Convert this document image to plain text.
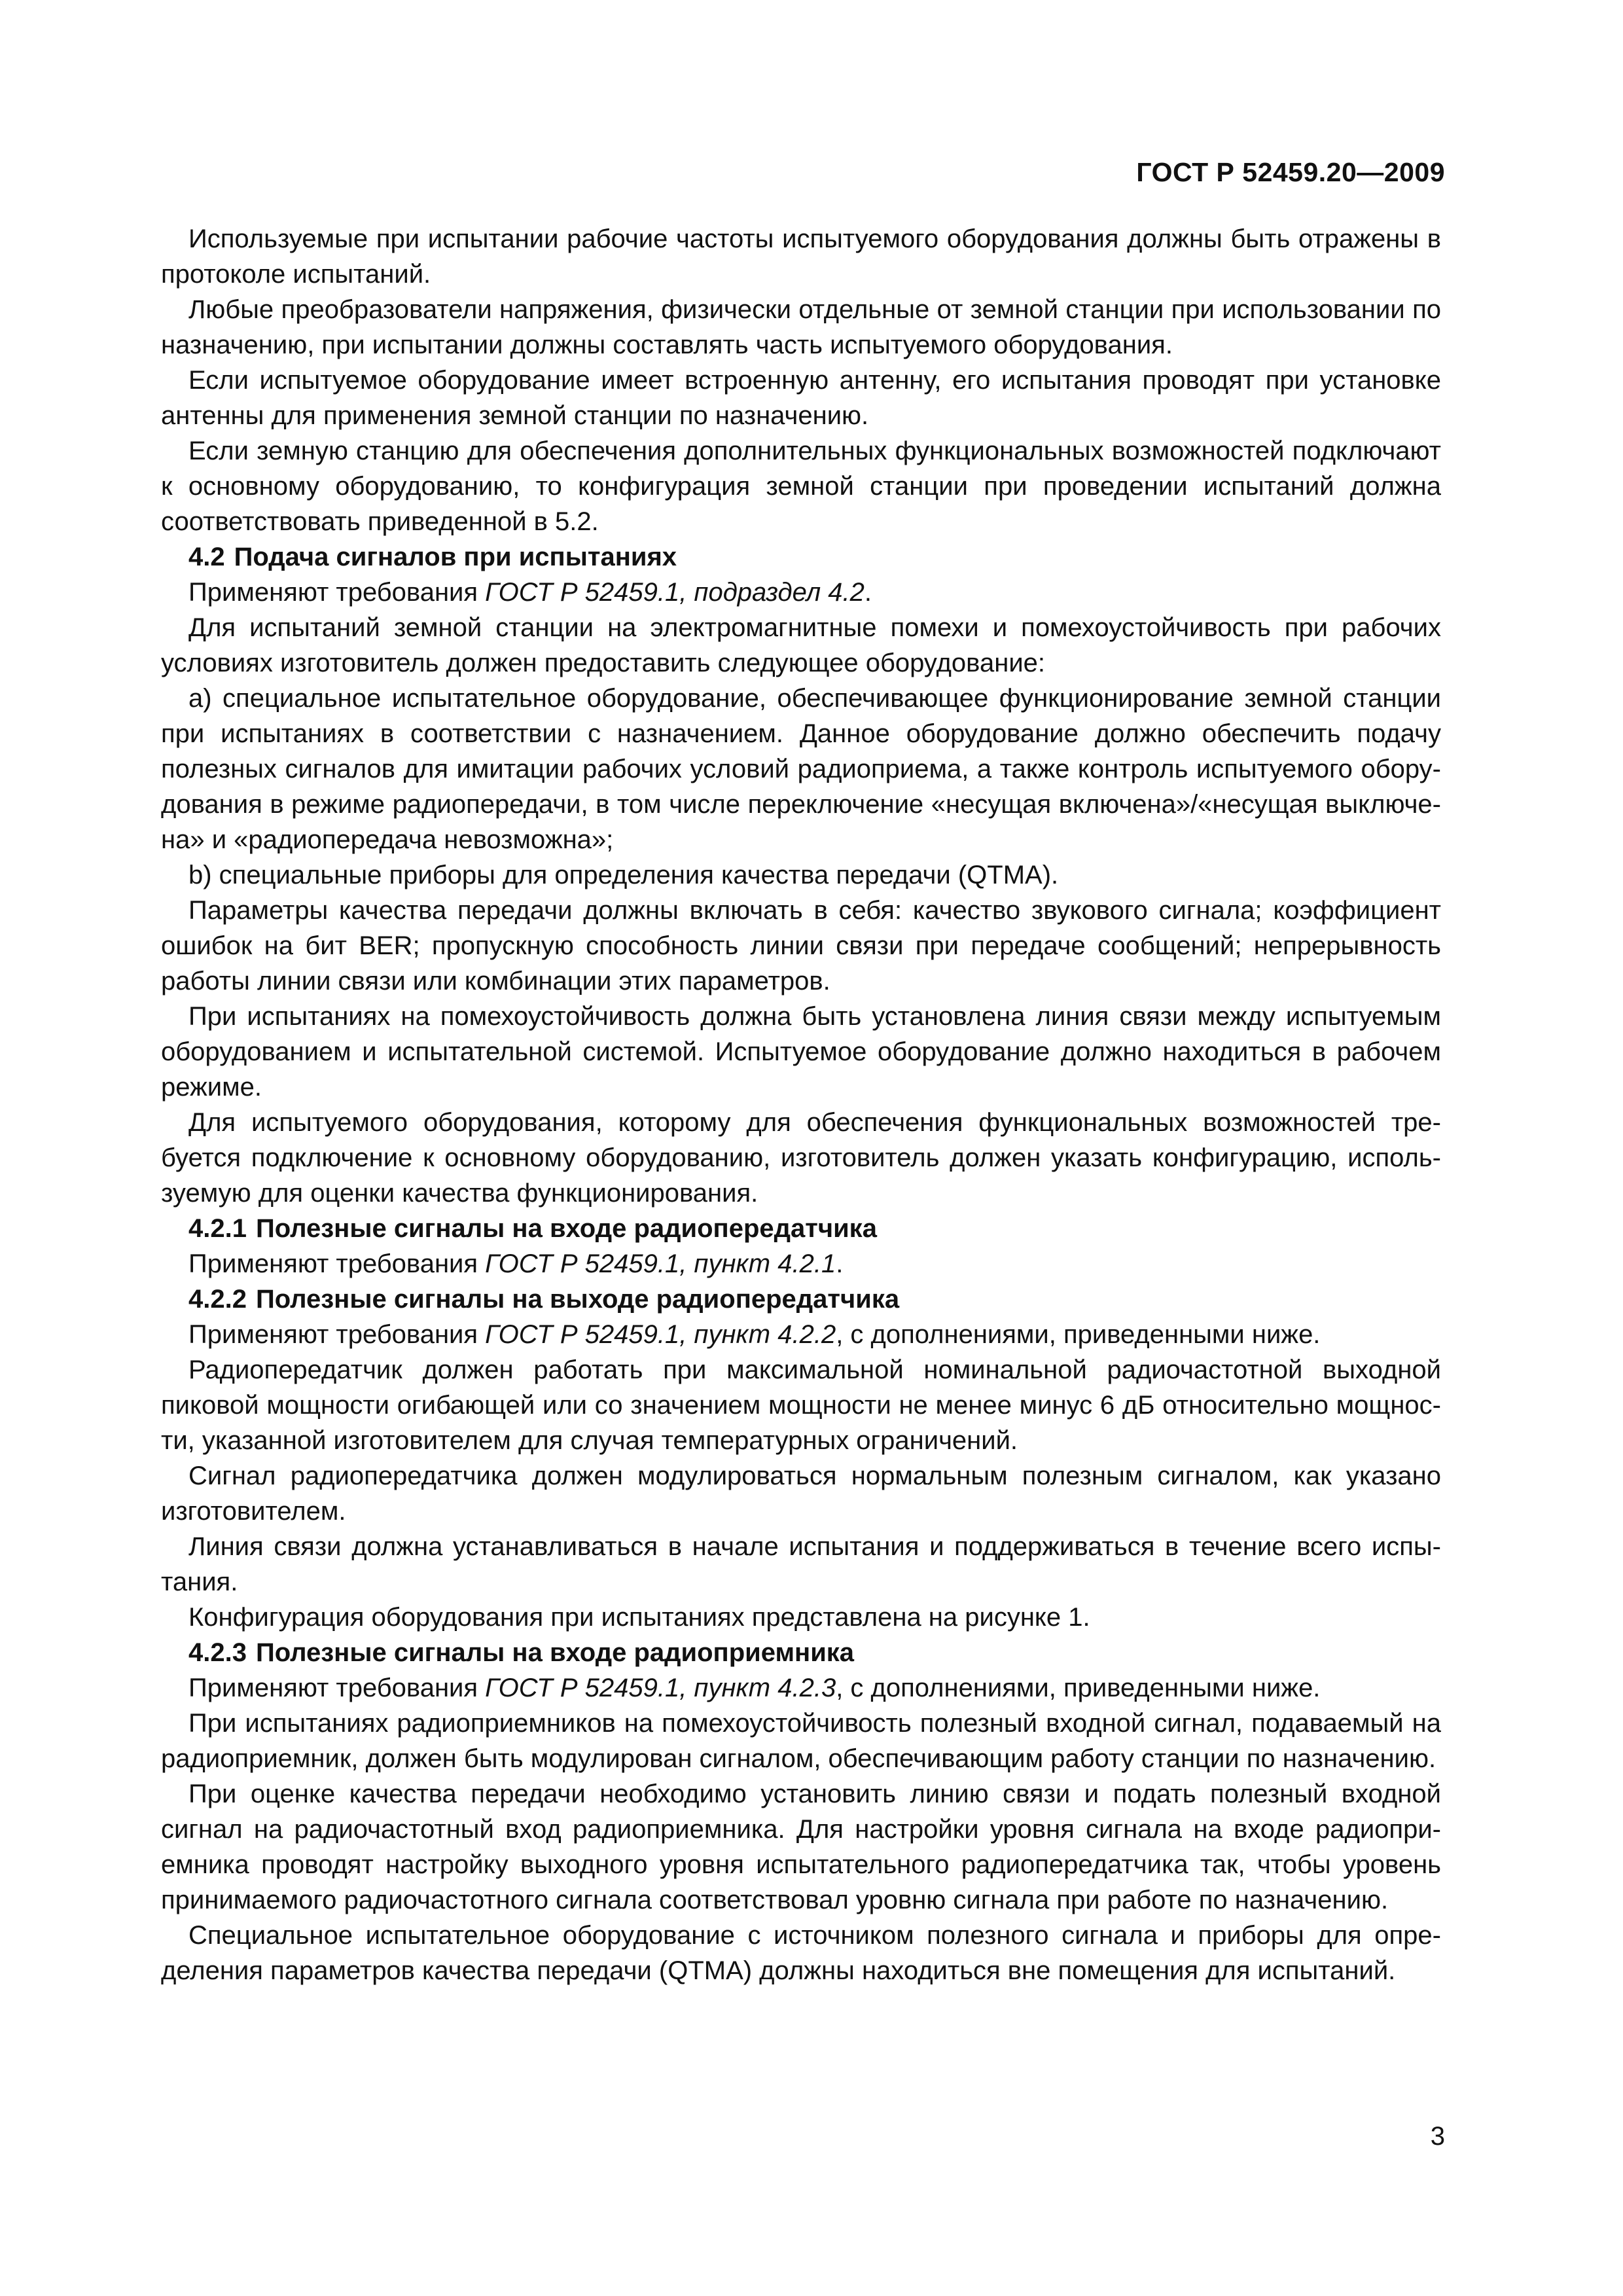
ГОСТ Р 52459.20—2009

Используемые при испытании рабочие частоты испытуемого оборудования должны быть отражены в протоколе испытаний.

Любые преобразователи напряжения, физически отдельные от земной станции при использовании по назначению, при испытании должны составлять часть испытуемого оборудования.

Если испытуемое оборудование имеет встроенную антенну, его испытания проводят при установке антенны для применения земной станции по назначению.

Если земную станцию для обеспечения дополнительных функциональных возможностей подключают к основному оборудованию, то конфигурация земной станции при проведении испытаний должна соответствовать приведенной в 5.2.

4.2 Подача сигналов при испытаниях

Применяют требования ГОСТ Р 52459.1, подраздел 4.2.

Для испытаний земной станции на электромагнитные помехи и помехоустойчивость при рабочих условиях изготовитель должен предоставить следующее оборудование:

а) специальное испытательное оборудование, обеспечивающее функционирование земной станции при испытаниях в соответствии с назначением. Данное оборудование должно обеспечить подачу полезных сигналов для имитации рабочих условий радиоприема, а также контроль испытуемого оборудования в режиме радиопередачи, в том числе переключение «несущая включена»/«несущая выключена» и «радиопередача невозможна»;

b) специальные приборы для определения качества передачи (QTMA).

Параметры качества передачи должны включать в себя: качество звукового сигнала; коэффициент ошибок на бит BER; пропускную способность линии связи при передаче сообщений; непрерывность работы линии связи или комбинации этих параметров.

При испытаниях на помехоустойчивость должна быть установлена линия связи между испытуемым оборудованием и испытательной системой. Испытуемое оборудование должно находиться в рабочем режиме.

Для испытуемого оборудования, которому для обеспечения функциональных возможностей требуется подключение к основному оборудованию, изготовитель должен указать конфигурацию, используемую для оценки качества функционирования.

4.2.1 Полезные сигналы на входе радиопередатчика

Применяют требования ГОСТ Р 52459.1, пункт 4.2.1.

4.2.2 Полезные сигналы на выходе радиопередатчика

Применяют требования ГОСТ Р 52459.1, пункт 4.2.2, с дополнениями, приведенными ниже.

Радиопередатчик должен работать при максимальной номинальной радиочастотной выходной пиковой мощности огибающей или со значением мощности не менее минус 6 дБ относительно мощности, указанной изготовителем для случая температурных ограничений.

Сигнал радиопередатчика должен модулироваться нормальным полезным сигналом, как указано изготовителем.

Линия связи должна устанавливаться в начале испытания и поддерживаться в течение всего испытания.

Конфигурация оборудования при испытаниях представлена на рисунке 1.

4.2.3 Полезные сигналы на входе радиоприемника

Применяют требования ГОСТ Р 52459.1, пункт 4.2.3, с дополнениями, приведенными ниже.

При испытаниях радиоприемников на помехоустойчивость полезный входной сигнал, подаваемый на радиоприемник, должен быть модулирован сигналом, обеспечивающим работу станции по назначению.

При оценке качества передачи необходимо установить линию связи и подать полезный входной сигнал на радиочастотный вход радиоприемника. Для настройки уровня сигнала на входе радиоприемника проводят настройку выходного уровня испытательного радиопередатчика так, чтобы уровень принимаемого радиочастотного сигнала соответствовал уровню сигнала при работе по назначению.

Специальное испытательное оборудование с источником полезного сигнала и приборы для определения параметров качества передачи (QTMA) должны находиться вне помещения для испытаний.

3
